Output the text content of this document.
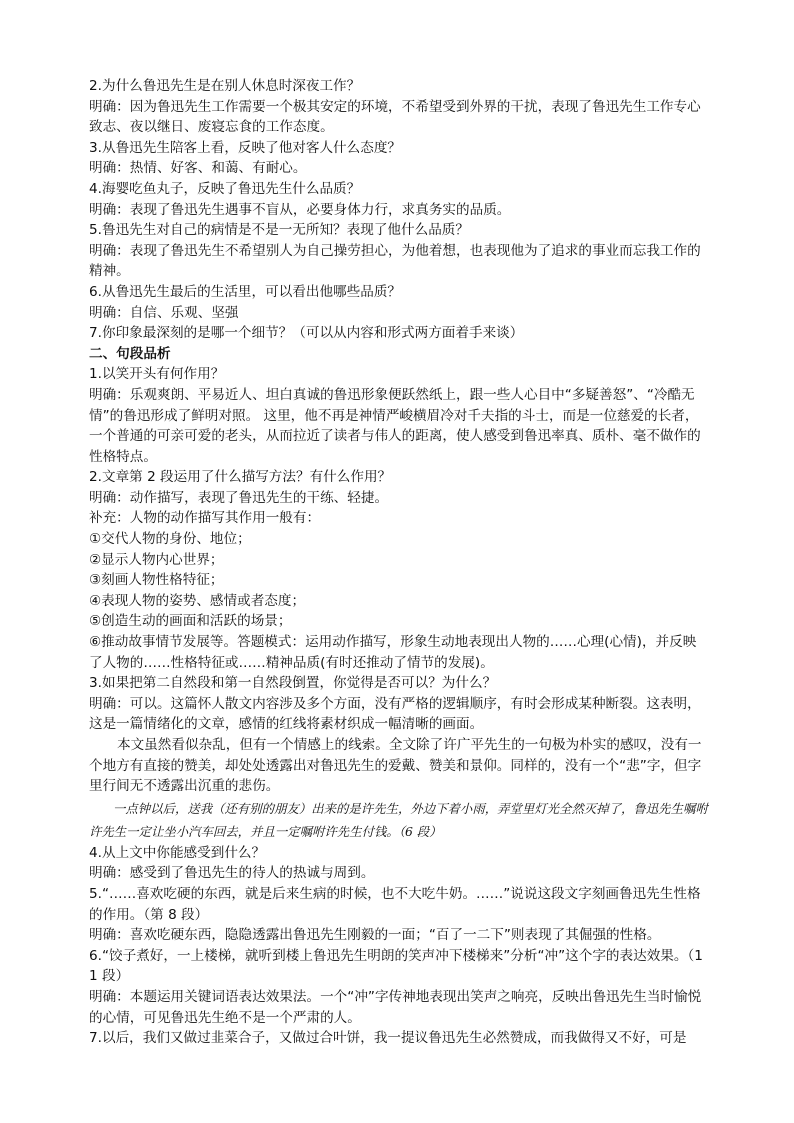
2.为什么鲁迅先生是在别人休息时深夜工作？

明确：因为鲁迅先生工作需要一个极其安定的环境，不希望受到外界的干扰，表现了鲁迅先生工作专心致志、夜以继日、废寝忘食的工作态度。

3.从鲁迅先生陪客上看，反映了他对客人什么态度？

明确：热情、好客、和蔼、有耐心。

4.海婴吃鱼丸子，反映了鲁迅先生什么品质？

明确：表现了鲁迅先生遇事不盲从，必要身体力行，求真务实的品质。

5.鲁迅先生对自己的病情是不是一无所知？表现了他什么品质？

明确：表现了鲁迅先生不希望别人为自己操劳担心，为他着想，也表现他为了追求的事业而忘我工作的精神。

6.从鲁迅先生最后的生活里，可以看出他哪些品质？

明确：自信、乐观、坚强

7.你印象最深刻的是哪一个细节？（可以从内容和形式两方面着手来谈）

二、句段品析

1.以笑开头有何作用？

明确：乐观爽朗、平易近人、坦白真诚的鲁迅形象便跃然纸上，跟一些人心目中“多疑善怒”、“冷酷无情”的鲁迅形成了鲜明对照。 这里，他不再是神情严峻横眉冷对千夫指的斗士，而是一位慈爱的长者，一个普通的可亲可爱的老头，从而拉近了读者与伟人的距离，使人感受到鲁迅率真、质朴、毫不做作的性格特点。

2.文章第 2 段运用了什么描写方法？有什么作用？

明确：动作描写，表现了鲁迅先生的干练、轻捷。

补充：人物的动作描写其作用一般有：

①交代人物的身份、地位；

②显示人物内心世界；

③刻画人物性格特征；

④表现人物的姿势、感情或者态度；

⑤创造生动的画面和活跃的场景；

⑥推动故事情节发展等。答题模式：运用动作描写，形象生动地表现出人物的……心理(心情)，并反映了人物的……性格特征或……精神品质(有时还推动了情节的发展)。

3.如果把第二自然段和第一自然段倒置，你觉得是否可以？为什么？

明确：可以。这篇怀人散文内容涉及多个方面，没有严格的逻辑顺序，有时会形成某种断裂。这表明，这是一篇情绪化的文章，感情的红线将素材织成一幅清晰的画面。

本文虽然看似杂乱，但有一个情感上的线索。全文除了许广平先生的一句极为朴实的感叹，没有一个地方有直接的赞美，却处处透露出对鲁迅先生的爱戴、赞美和景仰。同样的，没有一个“悲”字，但字里行间无不透露出沉重的悲伤。

一点钟以后，送我（还有别的朋友）出来的是许先生，外边下着小雨，弄堂里灯光全然灭掉了，鲁迅先生嘱咐许先生一定让坐小汽车回去，并且一定嘱咐许先生付钱。（6 段）

4.从上文中你能感受到什么？

明确：感受到了鲁迅先生的待人的热诚与周到。

5.“……喜欢吃硬的东西，就是后来生病的时候，也不大吃牛奶。……”说说这段文字刻画鲁迅先生性格的作用。（第 8 段）

明确：喜欢吃硬东西，隐隐透露出鲁迅先生刚毅的一面；“百了一二下”则表现了其倔强的性格。

6.“饺子煮好，一上楼梯，就听到楼上鲁迅先生明朗的笑声冲下楼梯来”分析“冲”这个字的表达效果。（11 段）

明确：本题运用关键词语表达效果法。一个“冲”字传神地表现出笑声之响亮，反映出鲁迅先生当时愉悦的心情，可见鲁迅先生绝不是一个严肃的人。

7.以后，我们又做过韭菜合子，又做过合叶饼，我一提议鲁迅先生必然赞成，而我做得又不好，可是
